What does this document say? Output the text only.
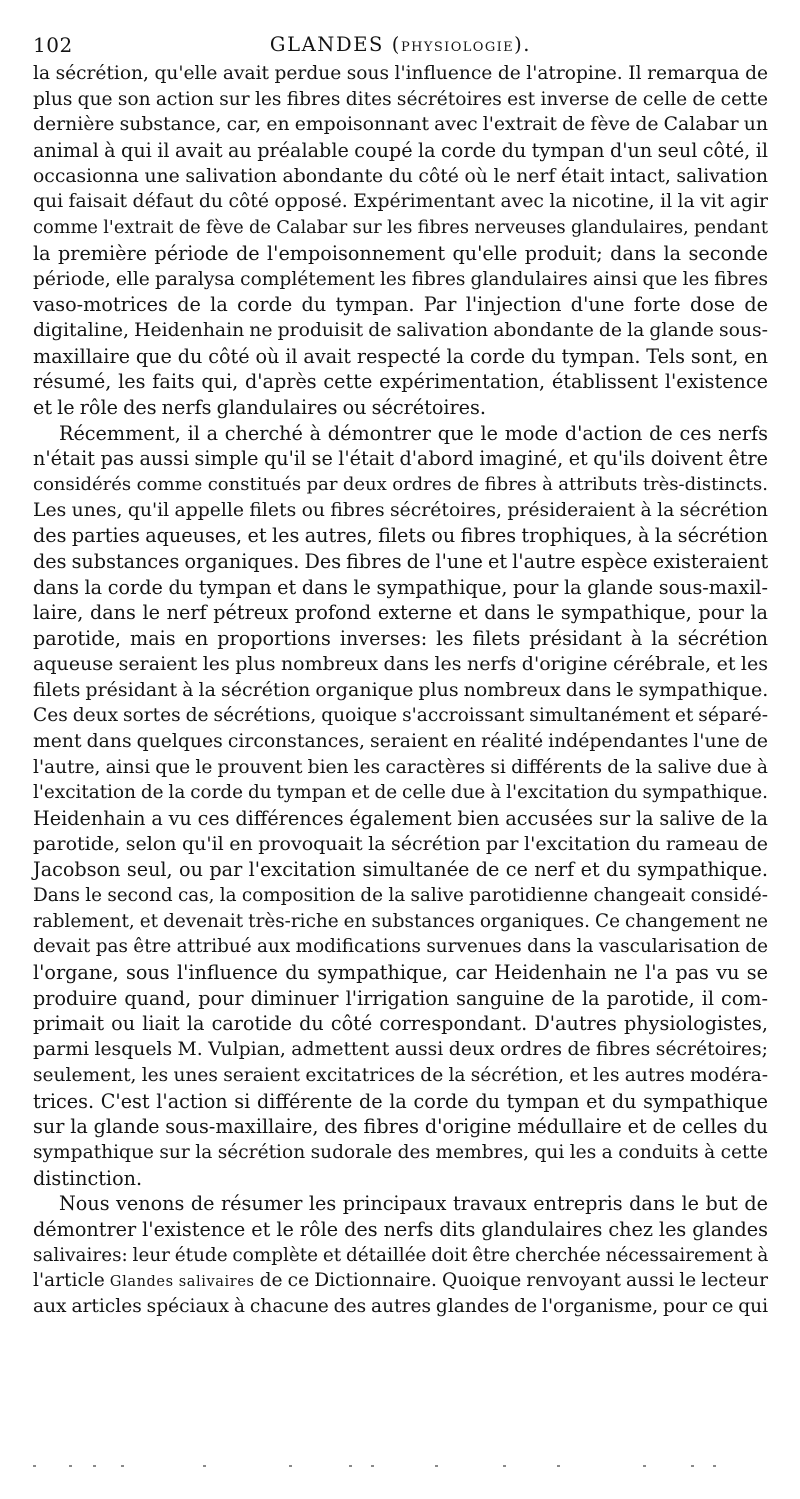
102	GLANDES (PHYSIOLOGIE).
la sécrétion, qu'elle avait perdue sous l'influence de l'atropine. Il remarqua de
plus que son action sur les fibres dites sécrétoires est inverse de celle de cette
dernière substance, car, en empoisonnant avec l'extrait de fève de Calabar un
animal à qui il avait au préalable coupé la corde du tympan d'un seul côté, il
occasionna une salivation abondante du côté où le nerf était intact, salivation
qui faisait défaut du côté opposé. Expérimentant avec la nicotine, il la vit agir
comme l'extrait de fève de Calabar sur les fibres nerveuses glandulaires, pendant
la première période de l'empoisonnement qu'elle produit; dans la seconde
période, elle paralysa complétement les fibres glandulaires ainsi que les fibres
vaso-motrices de la corde du tympan. Par l'injection d'une forte dose de
digitaline, Heidenhain ne produisit de salivation abondante de la glande sous-
maxillaire que du côté où il avait respecté la corde du tympan. Tels sont, en
résumé, les faits qui, d'après cette expérimentation, établissent l'existence
et le rôle des nerfs glandulaires ou sécrétoires.
Récemment, il a cherché à démontrer que le mode d'action de ces nerfs
n'était pas aussi simple qu'il se l'était d'abord imaginé, et qu'ils doivent être
considérés comme constitués par deux ordres de fibres à attributs très-distincts.
Les unes, qu'il appelle filets ou fibres sécrétoires, présideraient à la sécrétion
des parties aqueuses, et les autres, filets ou fibres trophiques, à la sécrétion
des substances organiques. Des fibres de l'une et l'autre espèce existeraient
dans la corde du tympan et dans le sympathique, pour la glande sous-maxil-
laire, dans le nerf pétreux profond externe et dans le sympathique, pour la
parotide, mais en proportions inverses: les filets présidant à la sécrétion
aqueuse seraient les plus nombreux dans les nerfs d'origine cérébrale, et les
filets présidant à la sécrétion organique plus nombreux dans le sympathique.
Ces deux sortes de sécrétions, quoique s'accroissant simultanément et séparé-
ment dans quelques circonstances, seraient en réalité indépendantes l'une de
l'autre, ainsi que le prouvent bien les caractères si différents de la salive due à
l'excitation de la corde du tympan et de celle due à l'excitation du sympathique.
Heidenhain a vu ces différences également bien accusées sur la salive de la
parotide, selon qu'il en provoquait la sécrétion par l'excitation du rameau de
Jacobson seul, ou par l'excitation simultanée de ce nerf et du sympathique.
Dans le second cas, la composition de la salive parotidienne changeait considé-
rablement, et devenait très-riche en substances organiques. Ce changement ne
devait pas être attribué aux modifications survenues dans la vascularisation de
l'organe, sous l'influence du sympathique, car Heidenhain ne l'a pas vu se
produire quand, pour diminuer l'irrigation sanguine de la parotide, il com-
primait ou liait la carotide du côté correspondant. D'autres physiologistes,
parmi lesquels M. Vulpian, admettent aussi deux ordres de fibres sécrétoires;
seulement, les unes seraient excitatrices de la sécrétion, et les autres modéra-
trices. C'est l'action si différente de la corde du tympan et du sympathique
sur la glande sous-maxillaire, des fibres d'origine médullaire et de celles du
sympathique sur la sécrétion sudorale des membres, qui les a conduits à cette
distinction.
Nous venons de résumer les principaux travaux entrepris dans le but de
démontrer l'existence et le rôle des nerfs dits glandulaires chez les glandes
salivaires: leur étude complète et détaillée doit être cherchée nécessairement à
l'article Glandes salivaires de ce Dictionnaire. Quoique renvoyant aussi le lecteur
aux articles spéciaux à chacune des autres glandes de l'organisme, pour ce qui
